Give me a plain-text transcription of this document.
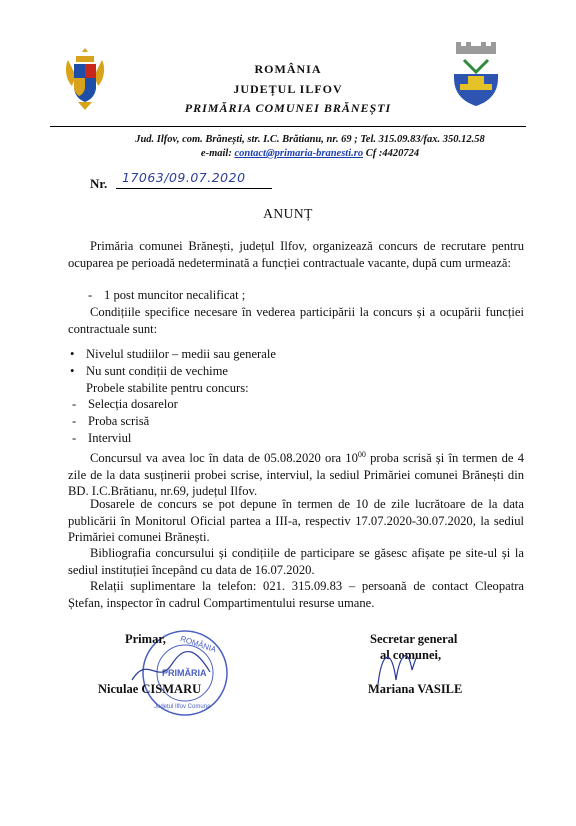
ROMÂNIA
JUDEȚUL ILFOV
PRIMĂRIA COMUNEI BRĂNEȘTI
Jud. Ilfov, com. Brănești, str. I.C. Brătianu, nr. 69 ; Tel. 315.09.83/fax. 350.12.58
e-mail: contact@primaria-branesti.ro Cf :4420724
Nr. 17063/09.07.2020
ANUNȚ
Primăria comunei Brănești, județul Ilfov, organizează concurs de recrutare pentru ocuparea pe perioadă nedeterminată a funcției contractuale vacante, după cum urmează:
- 1 post muncitor necalificat ;
Condițiile specifice necesare în vederea participării la concurs și a ocupării funcției contractuale sunt:
• Nivelul studiilor – medii sau generale
• Nu sunt condiții de vechime
Probele stabilite pentru concurs:
- Selecția dosarelor
- Proba scrisă
- Interviul
Concursul va avea loc în data de 05.08.2020 ora $10^{00}$ proba scrisă și în termen de 4 zile de la data susținerii probei scrise, interviul, la sediul Primăriei comunei Brănești din BD. I.C.Brătianu, nr.69, județul Ilfov.
Dosarele de concurs se pot depune în termen de 10 de zile lucrătoare de la data publicării în Monitorul Oficial partea a III-a, respectiv 17.07.2020-30.07.2020, la sediul Primăriei comunei Brănești.
Bibliografia concursului și condițiile de participare se găsesc afișate pe site-ul și la sediul instituției începând cu data de 16.07.2020.
Relații suplimentare la telefon: 021. 315.09.83 – persoană de contact Cleopatra Ștefan, inspector în cadrul Compartimentului resurse umane.
ROMÂNIA
PRIMĂRIA
Județul Ilfov Comuna
Primar,
Niculae CISMARU
Secretar general
al comunei,
Mariana VASILE
